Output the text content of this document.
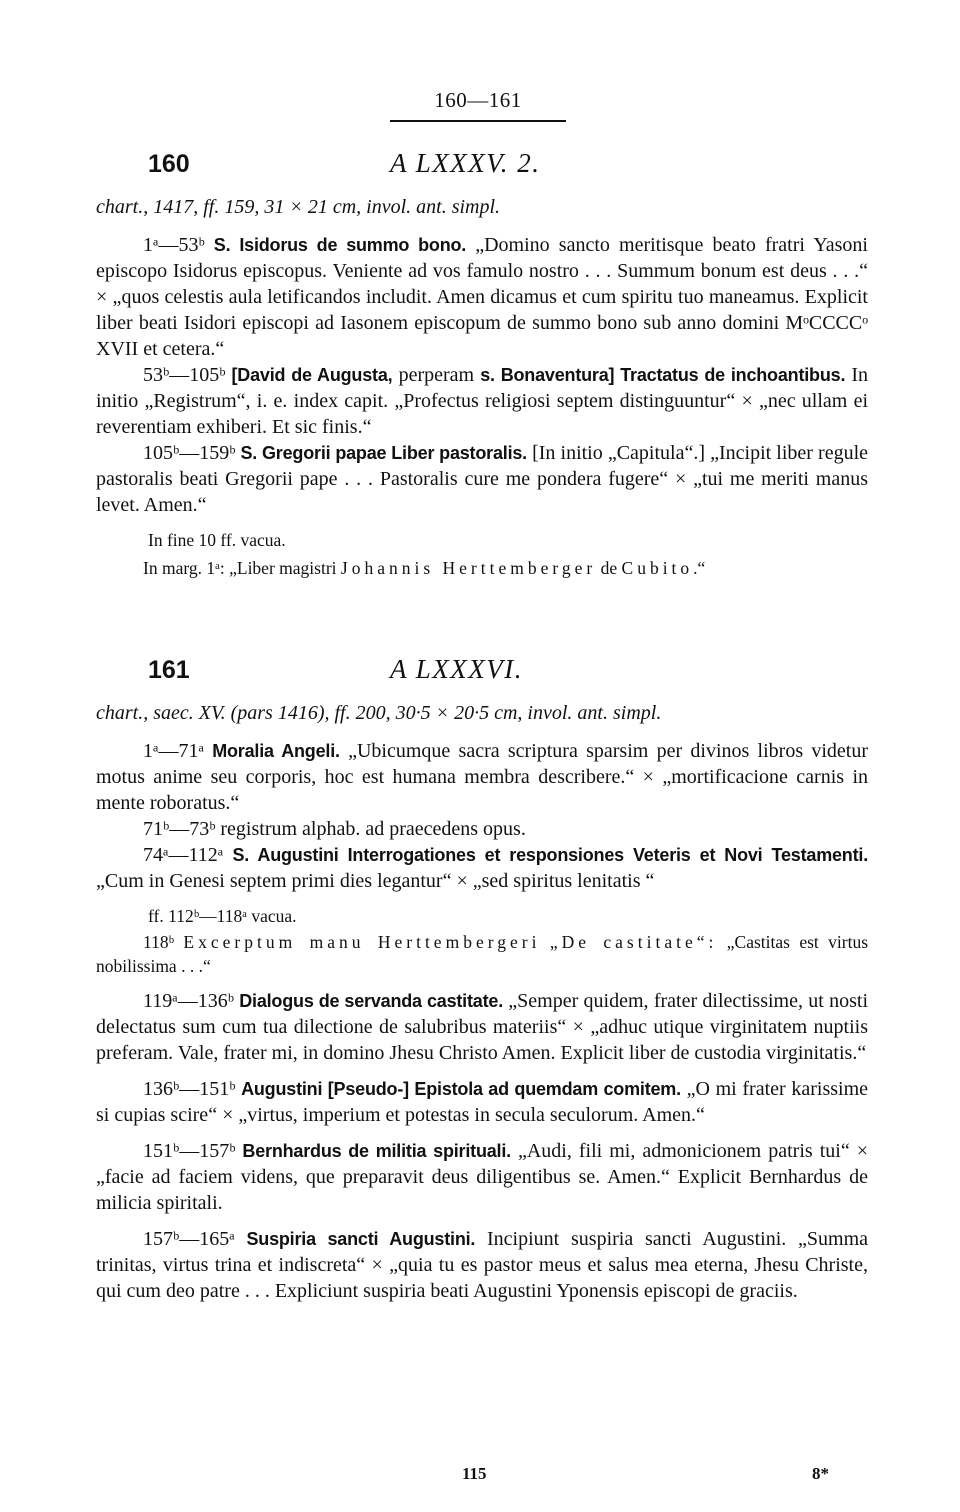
160—161
160	A LXXXV. 2.

chart., 1417, ff. 159, 31 × 21 cm, invol. ant. simpl.

1ᵃ—53ᵇ S. Isidorus de summo bono. „Domino sancto meritisque beato fratri Yasoni episcopo Isidorus episcopus. Veniente ad vos famulo nostro . . . Summum bonum est deus . . .“ × „quos celestis aula letificandos includit. Amen dicamus et cum spiritu tuo maneamus. Explicit liber beati Isidori episcopi ad Iasonem episcopum de summo bono sub anno domini MᵒCCCCᵒ XVII et cetera.“

53ᵇ—105ᵇ [David de Augusta, perperam s. Bonaventura] Tractatus de inchoantibus. In initio „Registrum“, i. e. index capit. „Profectus religiosi septem distinguuntur“ × „nec ullam ei reverentiam exhiberi. Et sic finis.“

105ᵇ—159ᵇ S. Gregorii papae Liber pastoralis. [In initio „Capitula“.] „Incipit liber regule pastoralis beati Gregorii pape . . . Pastoralis cure me pondera fugere“ × „tui me meriti manus levet. Amen.“

In fine 10 ff. vacua.

In marg. 1ᵃ: „Liber magistri Johannis Herttemberger de Cubito.“

161	A LXXXVI.

chart., saec. XV. (pars 1416), ff. 200, 30·5 × 20·5 cm, invol. ant. simpl.

1ᵃ—71ᵃ Moralia Angeli. „Ubicumque sacra scriptura sparsim per divinos libros videtur motus anime seu corporis, hoc est humana membra describere.“ × „mortificacione carnis in mente roboratus.“

71ᵇ—73ᵇ registrum alphab. ad praecedens opus.

74ᵃ—112ᵃ S. Augustini Interrogationes et responsiones Veteris et Novi Testamenti. „Cum in Genesi septem primi dies legantur“ × „sed spiritus lenitatis “

ff. 112ᵇ—118ᵃ vacua.

118ᵇ Excerptum manu Herttembergeri „De castitate“: „Castitas est virtus nobilissima . . .“

119ᵃ—136ᵇ Dialogus de servanda castitate. „Semper quidem, frater dilectissime, ut nosti delectatus sum cum tua dilectione de salubribus materiis“ × „adhuc utique virginitatem nuptiis preferam. Vale, frater mi, in domino Jhesu Christo Amen. Explicit liber de custodia virginitatis.“

136ᵇ—151ᵇ Augustini [Pseudo-] Epistola ad quemdam comitem. „O mi frater karissime si cupias scire“ × „virtus, imperium et potestas in secula seculorum. Amen.“

151ᵇ—157ᵇ Bernhardus de militia spirituali. „Audi, fili mi, admonicionem patris tui“ × „facie ad faciem videns, que preparavit deus diligentibus se. Amen.“ Explicit Bernhardus de milicia spiritali.

157ᵇ—165ᵃ Suspiria sancti Augustini. Incipiunt suspiria sancti Augustini. „Summa trinitas, virtus trina et indiscreta“ × „quia tu es pastor meus et salus mea eterna, Jhesu Christe, qui cum deo patre . . . Expliciunt suspiria beati Augustini Yponensis episcopi de graciis.

115	8*
